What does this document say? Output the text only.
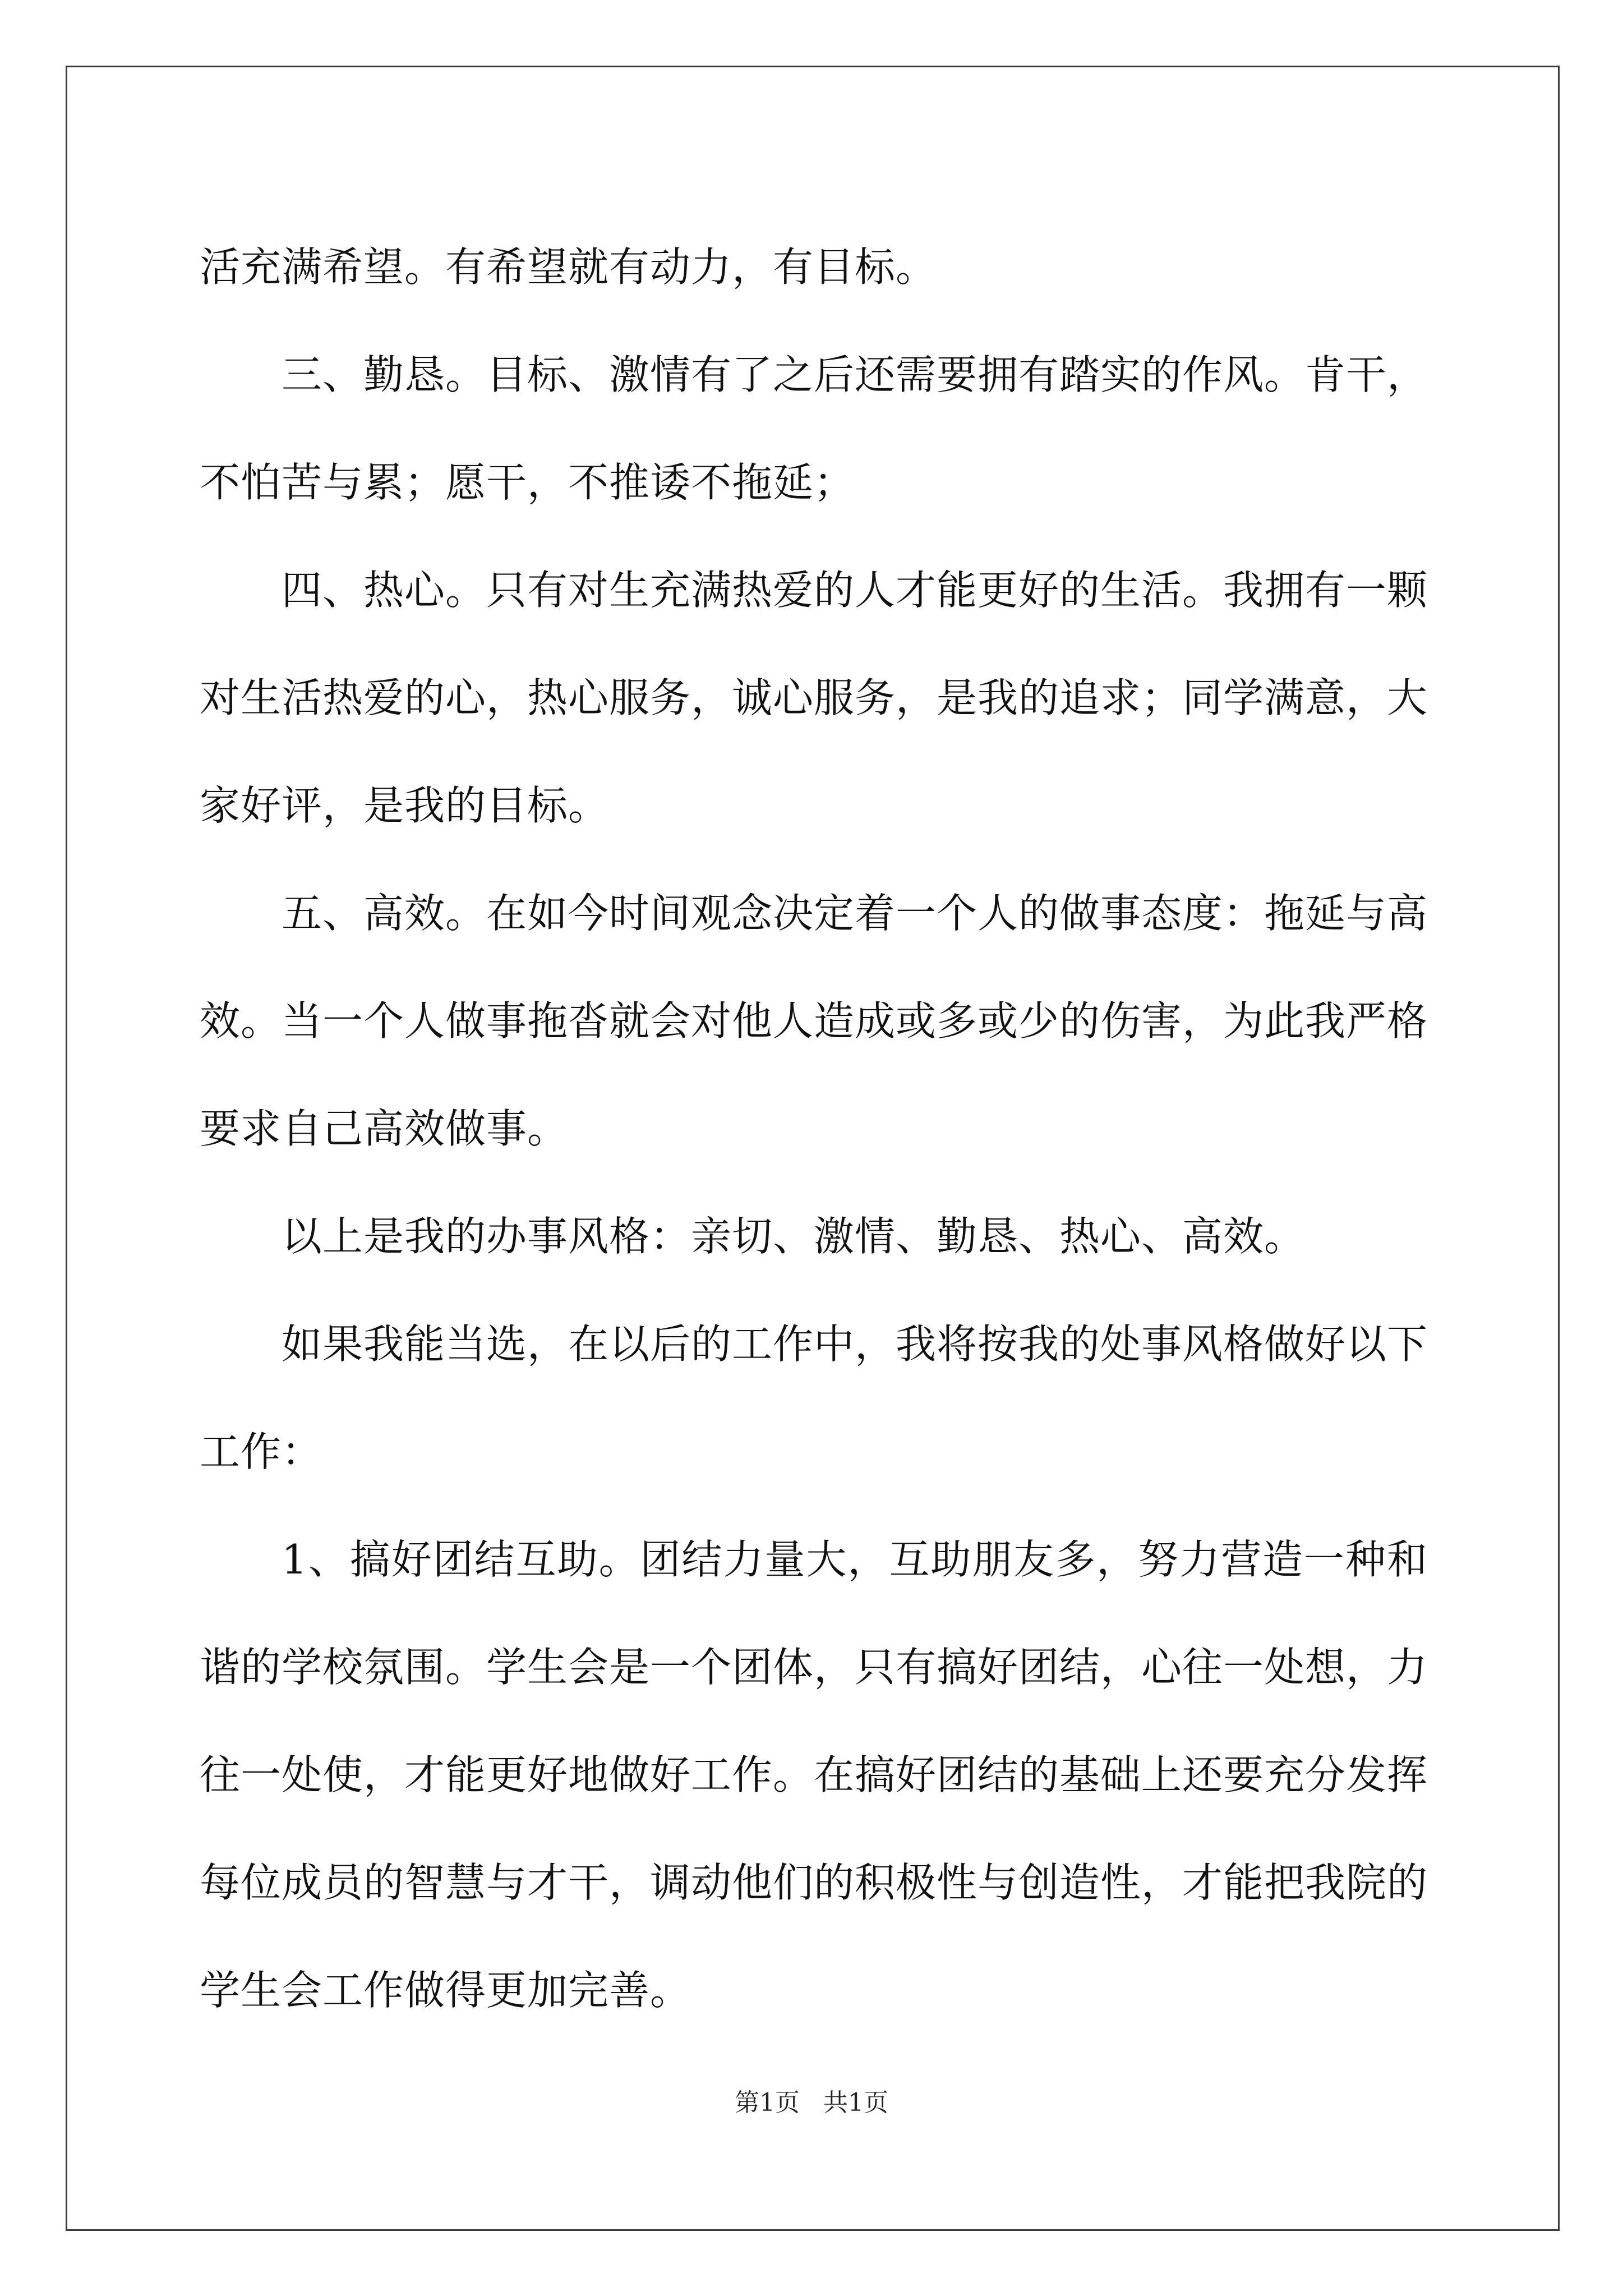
活充满希望。有希望就有动力，有目标。

三、勤恳。目标、激情有了之后还需要拥有踏实的作风。肯干，不怕苦与累；愿干，不推诿不拖延；

四、热心。只有对生充满热爱的人才能更好的生活。我拥有一颗对生活热爱的心，热心服务，诚心服务，是我的追求；同学满意，大家好评，是我的目标。

五、高效。在如今时间观念决定着一个人的做事态度：拖延与高效。当一个人做事拖沓就会对他人造成或多或少的伤害，为此我严格要求自己高效做事。

以上是我的办事风格：亲切、激情、勤恳、热心、高效。

如果我能当选，在以后的工作中，我将按我的处事风格做好以下工作：

1、搞好团结互助。团结力量大，互助朋友多，努力营造一种和谐的学校氛围。学生会是一个团体，只有搞好团结，心往一处想，力往一处使，才能更好地做好工作。在搞好团结的基础上还要充分发挥每位成员的智慧与才干，调动他们的积极性与创造性，才能把我院的学生会工作做得更加完善。

第1页   共1页
